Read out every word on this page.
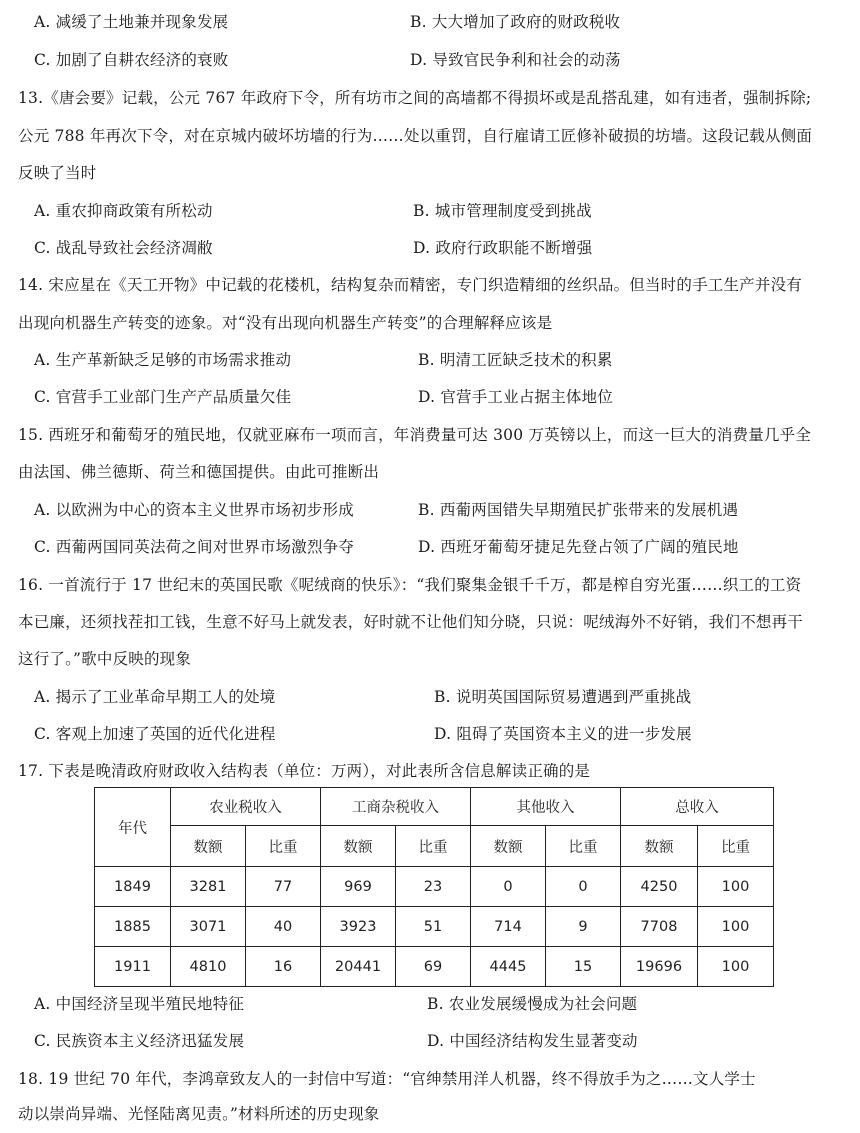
A. 减缓了土地兼并现象发展	B. 大大增加了政府的财政税收
C. 加剧了自耕农经济的衰败	D. 导致官民争利和社会的动荡
13.《唐会要》记载，公元 767 年政府下令，所有坊市之间的高墙都不得损坏或是乱搭乱建，如有违者，强制拆除;
公元 788 年再次下令，对在京城内破坏坊墙的行为……处以重罚，自行雇请工匠修补破损的坊墙。这段记载从侧面
反映了当时
A. 重农抑商政策有所松动	B. 城市管理制度受到挑战
C. 战乱导致社会经济凋敝	D. 政府行政职能不断增强
14. 宋应星在《天工开物》中记载的花楼机，结构复杂而精密，专门织造精细的丝织品。但当时的手工生产并没有
出现向机器生产转变的迹象。对“没有出现向机器生产转变”的合理解释应该是
A. 生产革新缺乏足够的市场需求推动	B. 明清工匠缺乏技术的积累
C. 官营手工业部门生产产品质量欠佳	D. 官营手工业占据主体地位
15. 西班牙和葡萄牙的殖民地，仅就亚麻布一项而言，年消费量可达 300 万英镑以上，而这一巨大的消费量几乎全
由法国、佛兰德斯、荷兰和德国提供。由此可推断出
A. 以欧洲为中心的资本主义世界市场初步形成	B. 西葡两国错失早期殖民扩张带来的发展机遇
C. 西葡两国同英法荷之间对世界市场激烈争夺	D. 西班牙葡萄牙捷足先登占领了广阔的殖民地
16. 一首流行于 17 世纪末的英国民歌《呢绒商的快乐》：“我们聚集金银千千万，都是榨自穷光蛋……织工的工资
本已廉，还须找茬扣工钱，生意不好马上就发表，好时就不让他们知分晓，只说：呢绒海外不好销，我们不想再干
这行了。”歌中反映的现象
A. 揭示了工业革命早期工人的处境	B. 说明英国国际贸易遭遇到严重挑战
C. 客观上加速了英国的近代化进程	D. 阻碍了英国资本主义的进一步发展
17. 下表是晚清政府财政收入结构表（单位：万两），对此表所含信息解读正确的是
年代	农业税收入		工商杂税收入		其他收入		总收入	
	数额	比重	数额	比重	数额	比重	数额	比重
1849	3281	77	969	23	0	0	4250	100
1885	3071	40	3923	51	714	9	7708	100
1911	4810	16	20441	69	4445	15	19696	100
A. 中国经济呈现半殖民地特征	B. 农业发展缓慢成为社会问题
C. 民族资本主义经济迅猛发展	D. 中国经济结构发生显著变动
18. 19 世纪 70 年代，李鸿章致友人的一封信中写道：“官绅禁用洋人机器，终不得放手为之……文人学士
动以崇尚异端、光怪陆离见责。”材料所述的历史现象
